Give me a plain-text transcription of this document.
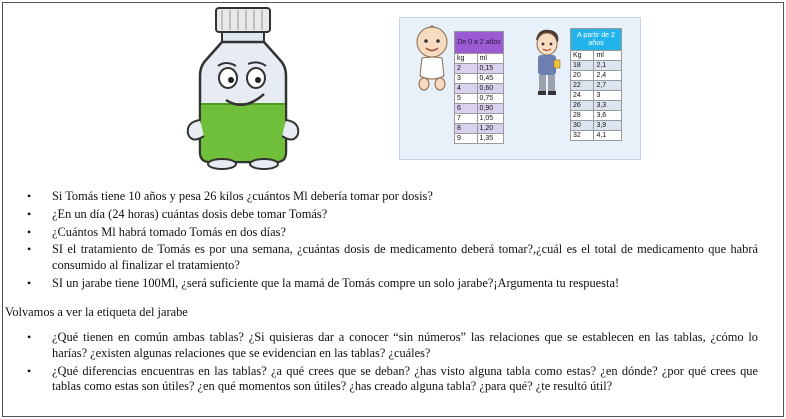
De 0 a 2 años	
kg	ml
2	0,15
3	0,45
4	0,60
5	0,75
6	0,90
7	1,05
8	1,20
9	1,35
A partir de 2 años	
Kg	ml
18	2,1
20	2,4
22	2,7
24	3
26	3,3
28	3,6
30	3,9
32	4,1
• Si Tomás tiene 10 años y pesa 26 kilos ¿cuántos Ml debería tomar por dosis?
• ¿En un día (24 horas) cuántas dosis debe tomar Tomás?
• ¿Cuántos Ml habrá tomado Tomás en dos días?
• SI el tratamiento de Tomás es por una semana, ¿cuántas dosis de medicamento deberá tomar?,¿cuál es el total de medicamento que habrá consumido al finalizar el tratamiento?
• SI un jarabe tiene 100Ml, ¿será suficiente que la mamá de Tomás compre un solo jarabe?¡Argumenta tu respuesta!
Volvamos a ver la etiqueta del jarabe
• ¿Qué tienen en común ambas tablas? ¿Si quisieras dar a conocer “sin números” las relaciones que se establecen en las tablas, ¿cómo lo harías? ¿existen algunas relaciones que se evidencian en las tablas? ¿cuáles?
• ¿Qué diferencias encuentras en las tablas? ¿a qué crees que se deban? ¿has visto alguna tabla como estas? ¿en dónde? ¿por qué crees que tablas como estas son útiles? ¿en qué momentos son útiles? ¿has creado alguna tabla? ¿para qué? ¿te resultó útil?
